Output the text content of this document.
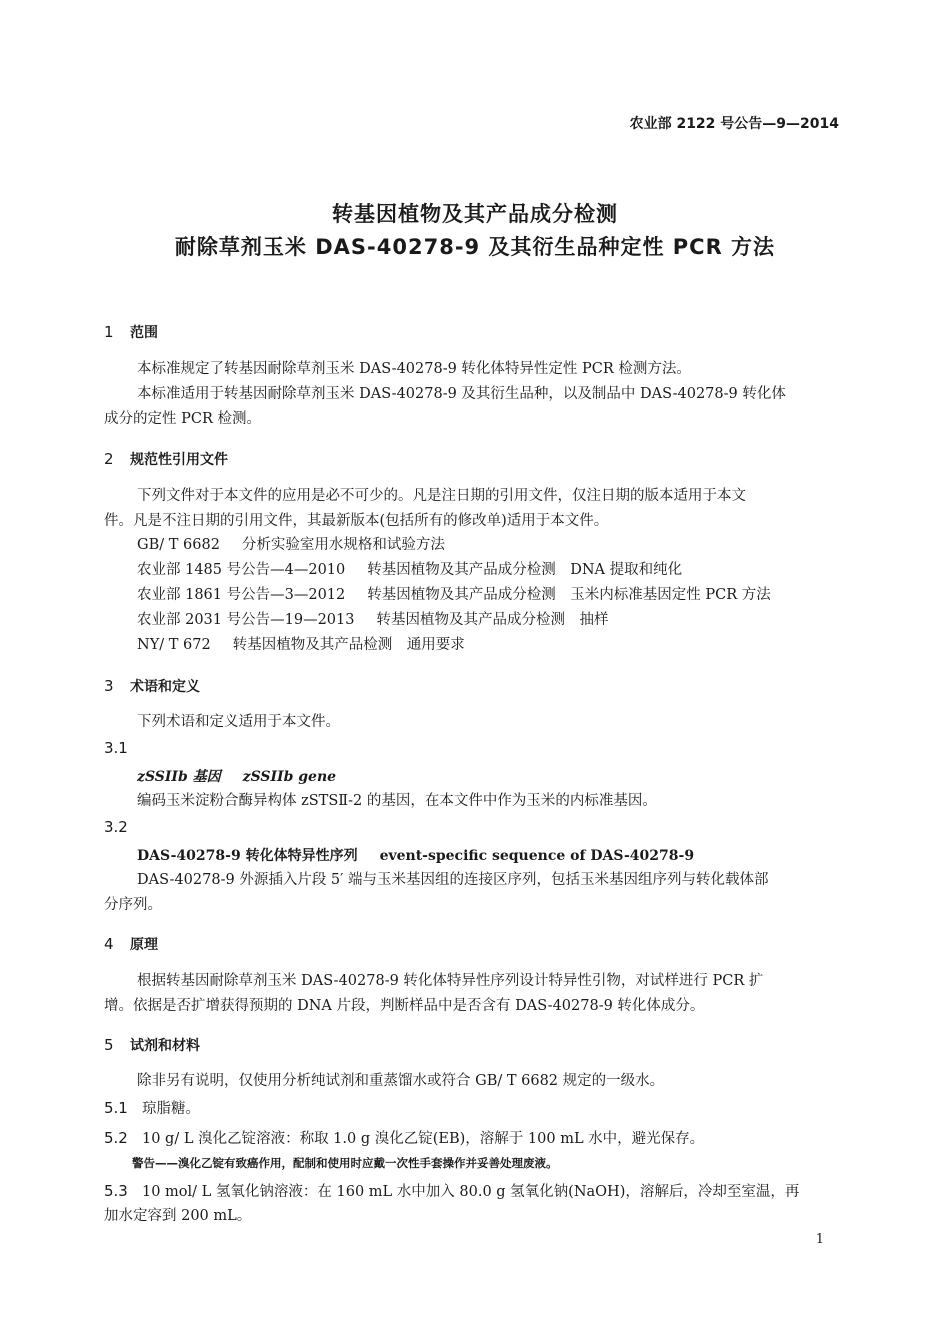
农业部 2122 号公告—9—2014
转基因植物及其产品成分检测
耐除草剂玉米 DAS-40278-9 及其衍生品种定性 PCR 方法
1 范围
本标准规定了转基因耐除草剂玉米 DAS-40278-9 转化体特异性定性 PCR 检测方法。
本标准适用于转基因耐除草剂玉米 DAS-40278-9 及其衍生品种，以及制品中 DAS-40278-9 转化体
成分的定性 PCR 检测。
2 规范性引用文件
下列文件对于本文件的应用是必不可少的。凡是注日期的引用文件，仅注日期的版本适用于本文
件。凡是不注日期的引用文件，其最新版本(包括所有的修改单)适用于本文件。
GB/ T 6682 分析实验室用水规格和试验方法
农业部 1485 号公告—4—2010 转基因植物及其产品成分检测　DNA 提取和纯化
农业部 1861 号公告—3—2012 转基因植物及其产品成分检测　玉米内标准基因定性 PCR 方法
农业部 2031 号公告—19—2013 转基因植物及其产品成分检测　抽样
NY/ T 672 转基因植物及其产品检测　通用要求
3 术语和定义
下列术语和定义适用于本文件。
3.1
zSSIIb 基因 zSSIIb gene
编码玉米淀粉合酶异构体 zSTSⅡ-2 的基因，在本文件中作为玉米的内标准基因。
3.2
DAS-40278-9 转化体特异性序列 event-specific sequence of DAS-40278-9
DAS-40278-9 外源插入片段 5′ 端与玉米基因组的连接区序列，包括玉米基因组序列与转化载体部
分序列。
4 原理
根据转基因耐除草剂玉米 DAS-40278-9 转化体特异性序列设计特异性引物，对试样进行 PCR 扩
增。依据是否扩增获得预期的 DNA 片段，判断样品中是否含有 DAS-40278-9 转化体成分。
5 试剂和材料
除非另有说明，仅使用分析纯试剂和重蒸馏水或符合 GB/ T 6682 规定的一级水。
5.1 琼脂糖。
5.2 10 g/ L 溴化乙锭溶液：称取 1.0 g 溴化乙锭(EB)，溶解于 100 mL 水中，避光保存。
警告——溴化乙锭有致癌作用，配制和使用时应戴一次性手套操作并妥善处理废液。
5.3 10 mol/ L 氢氧化钠溶液：在 160 mL 水中加入 80.0 g 氢氧化钠(NaOH)，溶解后，冷却至室温，再
加水定容到 200 mL。
1
